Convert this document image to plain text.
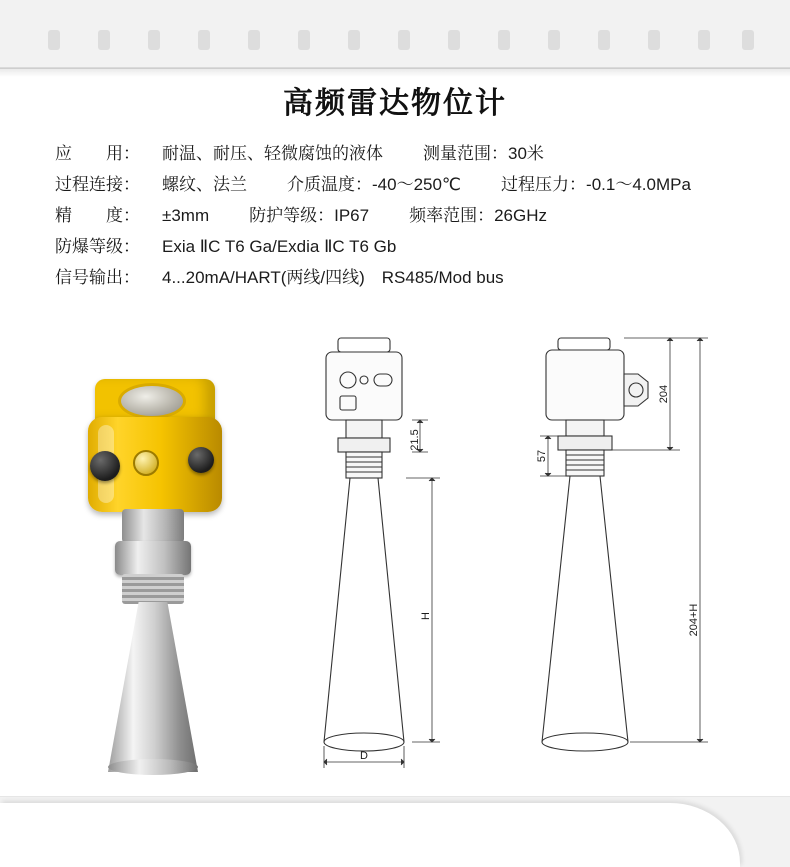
高频雷达物位计
应　　用： 耐温、耐压、轻微腐蚀的液体 测量范围：30米
过程连接： 螺纹、法兰 介质温度：-40～250℃ 过程压力：-0.1～4.0MPa
精　　度： ±3mm 防护等级：IP67 频率范围：26GHz
防爆等级： Exia ⅡC T6 Ga/Exdia ⅡC T6 Gb
信号输出： 4...20mA/HART(两线/四线)　RS485/Mod bus
21.5
H
D
57
204
204+H
